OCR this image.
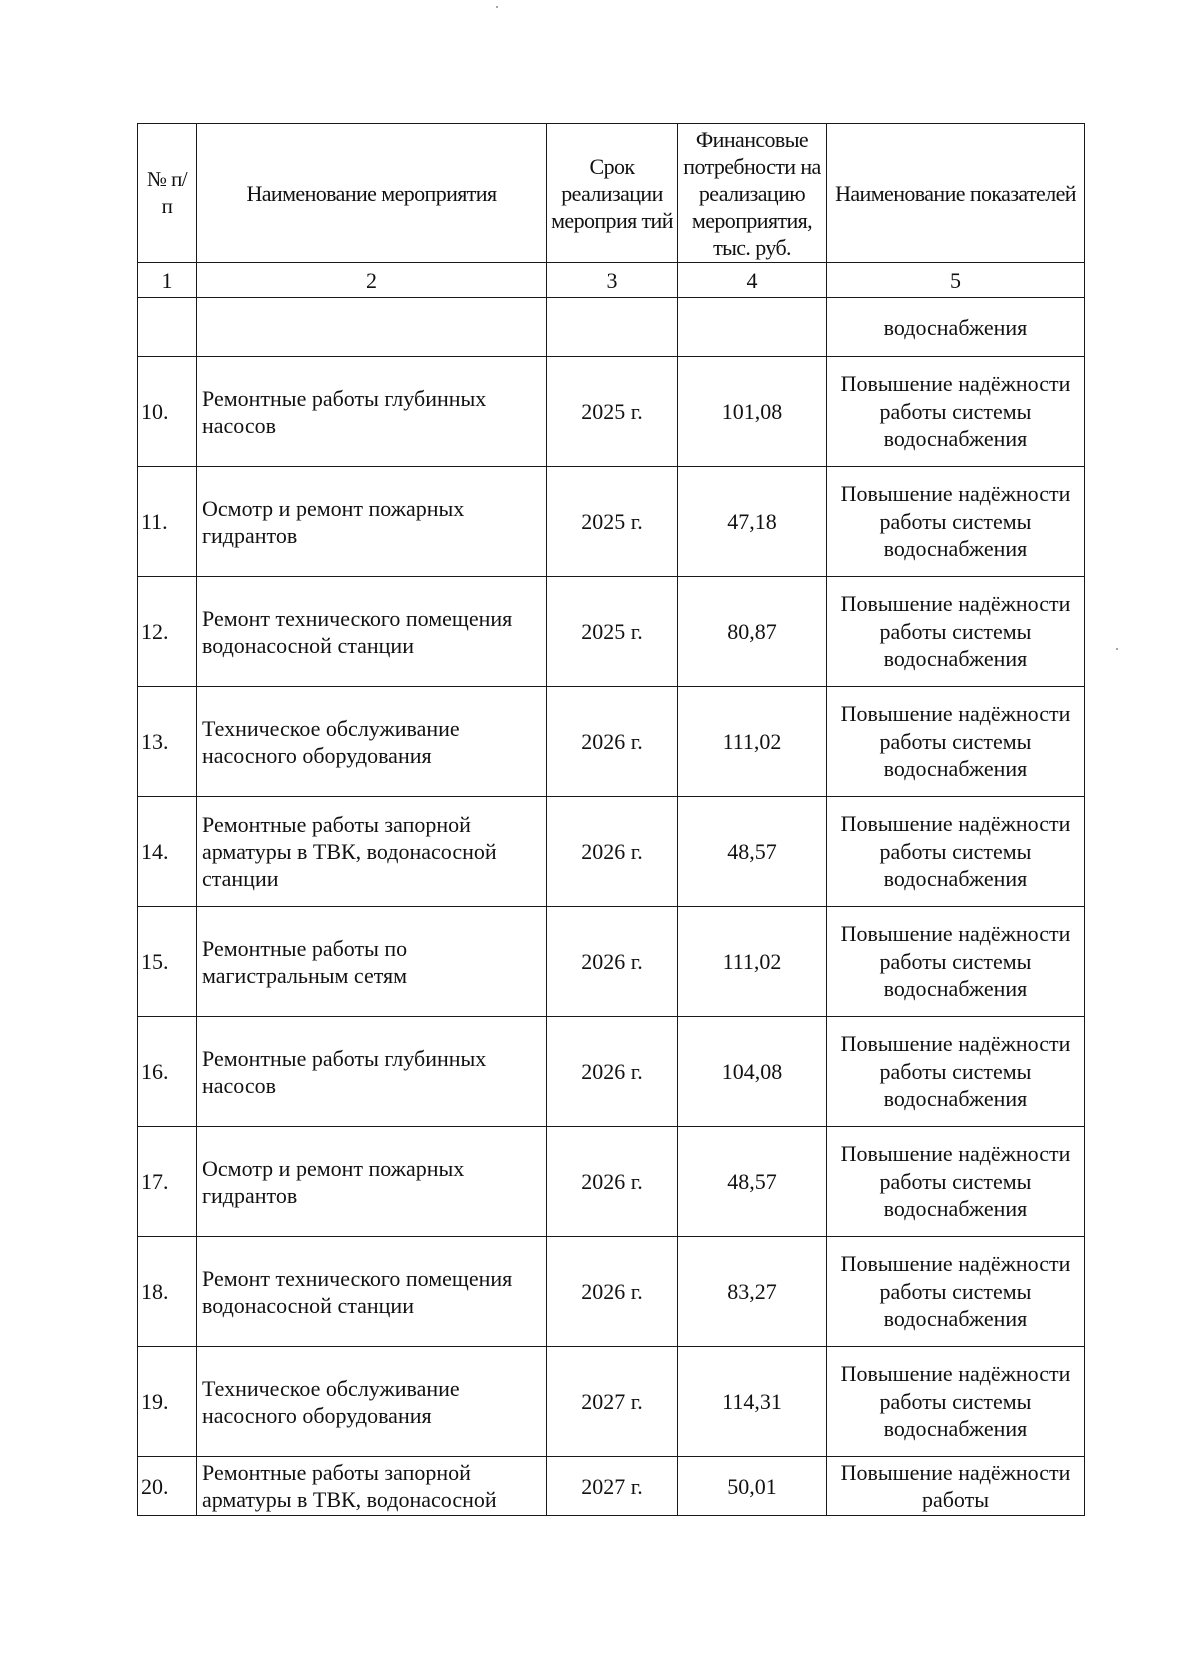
№ п/п	Наименование мероприятия	Срок реализации мероприя тий	Финансовые потребности на реализацию мероприятия, тыс. руб.	Наименование показателей
1	2	3	4	5
				водоснабжения
10.	Ремонтные работы глубинных насосов	2025 г.	101,08	Повышение надёжности работы системы водоснабжения
11.	Осмотр и ремонт пожарных гидрантов	2025 г.	47,18	Повышение надёжности работы системы водоснабжения
12.	Ремонт технического помещения водонасосной станции	2025 г.	80,87	Повышение надёжности работы системы водоснабжения
13.	Техническое обслуживание насосного оборудования	2026 г.	111,02	Повышение надёжности работы системы водоснабжения
14.	Ремонтные работы запорной арматуры в ТВК, водонасосной станции	2026 г.	48,57	Повышение надёжности работы системы водоснабжения
15.	Ремонтные работы по магистральным сетям	2026 г.	111,02	Повышение надёжности работы системы водоснабжения
16.	Ремонтные работы глубинных насосов	2026 г.	104,08	Повышение надёжности работы системы водоснабжения
17.	Осмотр и ремонт пожарных гидрантов	2026 г.	48,57	Повышение надёжности работы системы водоснабжения
18.	Ремонт технического помещения водонасосной станции	2026 г.	83,27	Повышение надёжности работы системы водоснабжения
19.	Техническое обслуживание насосного оборудования	2027 г.	114,31	Повышение надёжности работы системы водоснабжения
20.	Ремонтные работы запорной арматуры в ТВК, водонасосной	2027 г.	50,01	Повышение надёжности работы
